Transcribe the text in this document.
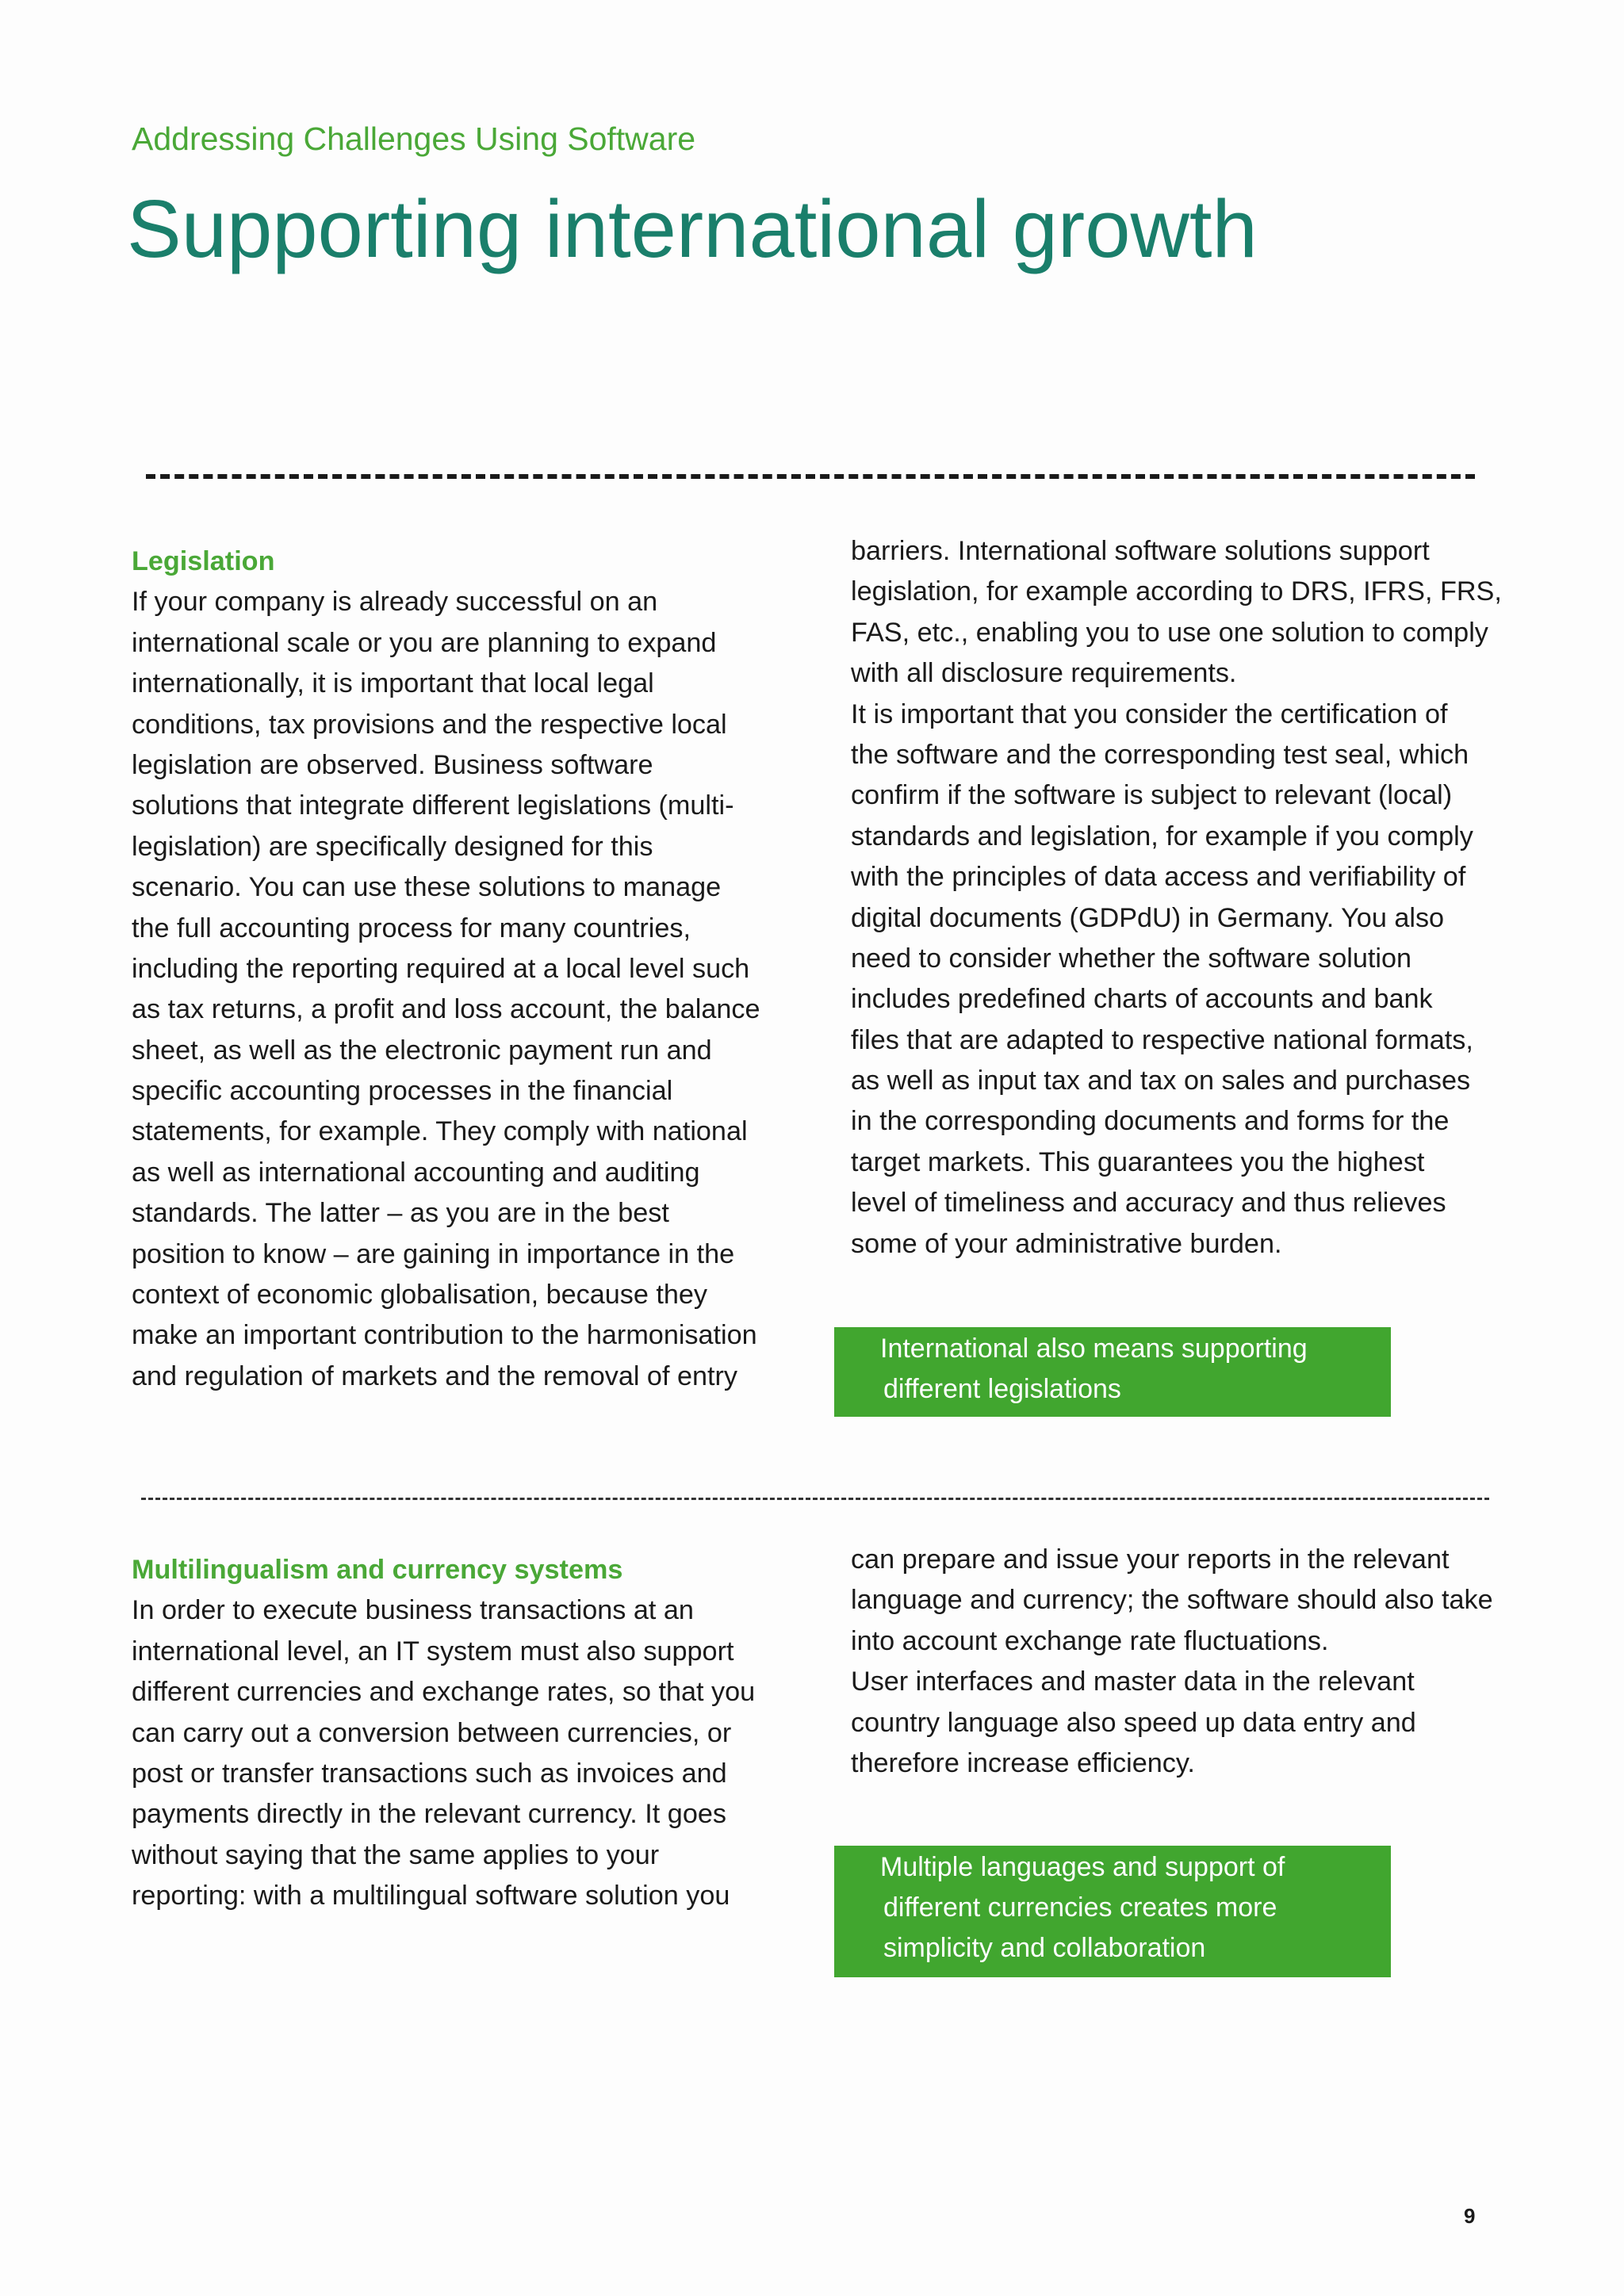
Addressing Challenges Using Software
Supporting international growth
Legislation
If your company is already successful on an
international scale or you are planning to expand
internationally, it is important that local legal
conditions, tax provisions and the respective local
legislation are observed. Business software
solutions that integrate different legislations (multi-
legislation) are specifically designed for this
scenario. You can use these solutions to manage
the full accounting process for many countries,
including the reporting required at a local level such
as tax returns, a profit and loss account, the balance
sheet, as well as the electronic payment run and
specific accounting processes in the financial
statements, for example. They comply with national
as well as international accounting and auditing
standards. The latter – as you are in the best
position to know – are gaining in importance in the
context of economic globalisation, because they
make an important contribution to the harmonisation
and regulation of markets and the removal of entry
barriers. International software solutions support
legislation, for example according to DRS, IFRS, FRS,
FAS, etc., enabling you to use one solution to comply
with all disclosure requirements.
It is important that you consider the certification of
the software and the corresponding test seal, which
confirm if the software is subject to relevant (local)
standards and legislation, for example if you comply
with the principles of data access and verifiability of
digital documents (GDPdU) in Germany. You also
need to consider whether the software solution
includes predefined charts of accounts and bank
files that are adapted to respective national formats,
as well as input tax and tax on sales and purchases
in the corresponding documents and forms for the
target markets. This guarantees you the highest
level of timeliness and accuracy and thus relieves
some of your administrative burden.
International also means supporting
different legislations
Multilingualism and currency systems
In order to execute business transactions at an
international level, an IT system must also support
different currencies and exchange rates, so that you
can carry out a conversion between currencies, or
post or transfer transactions such as invoices and
payments directly in the relevant currency. It goes
without saying that the same applies to your
reporting: with a multilingual software solution you
can prepare and issue your reports in the relevant
language and currency; the software should also take
into account exchange rate fluctuations.
User interfaces and master data in the relevant
country language also speed up data entry and
therefore increase efficiency.
Multiple languages and support of
different currencies creates more
simplicity and collaboration
9
